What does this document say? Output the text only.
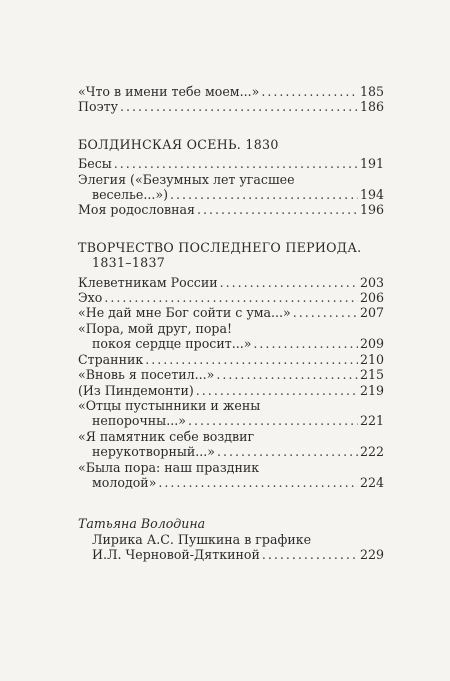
«Что в имени тебе моем...» . . .	185
Поэту . . .	186
БОЛДИНСКАЯ ОСЕНЬ. 1830
Бесы . . .	191
Элегия («Безумных лет угасшее
веселье...») . . .	194
Моя родословная . . .	196
ТВОРЧЕСТВО ПОСЛЕДНЕГО ПЕРИОДА.
1831–1837
Клеветникам России . . .	203
Эхо . . .	206
«Не дай мне Бог сойти с ума...» . . .	207
«Пора, мой друг, пора!
покоя сердце просит...» . . .	209
Странник . . .	210
«Вновь я посетил...» . . .	215
(Из Пиндемонти) . . .	219
«Отцы пустынники и жены
непорочны...» . . .	221
«Я памятник себе воздвиг
нерукотворный...» . . .	222
«Была пора: наш праздник
молодой» . . .	224
Татьяна Володина
Лирика А.С. Пушкина в графике
И.Л. Черновой-Дяткиной . . .	229
